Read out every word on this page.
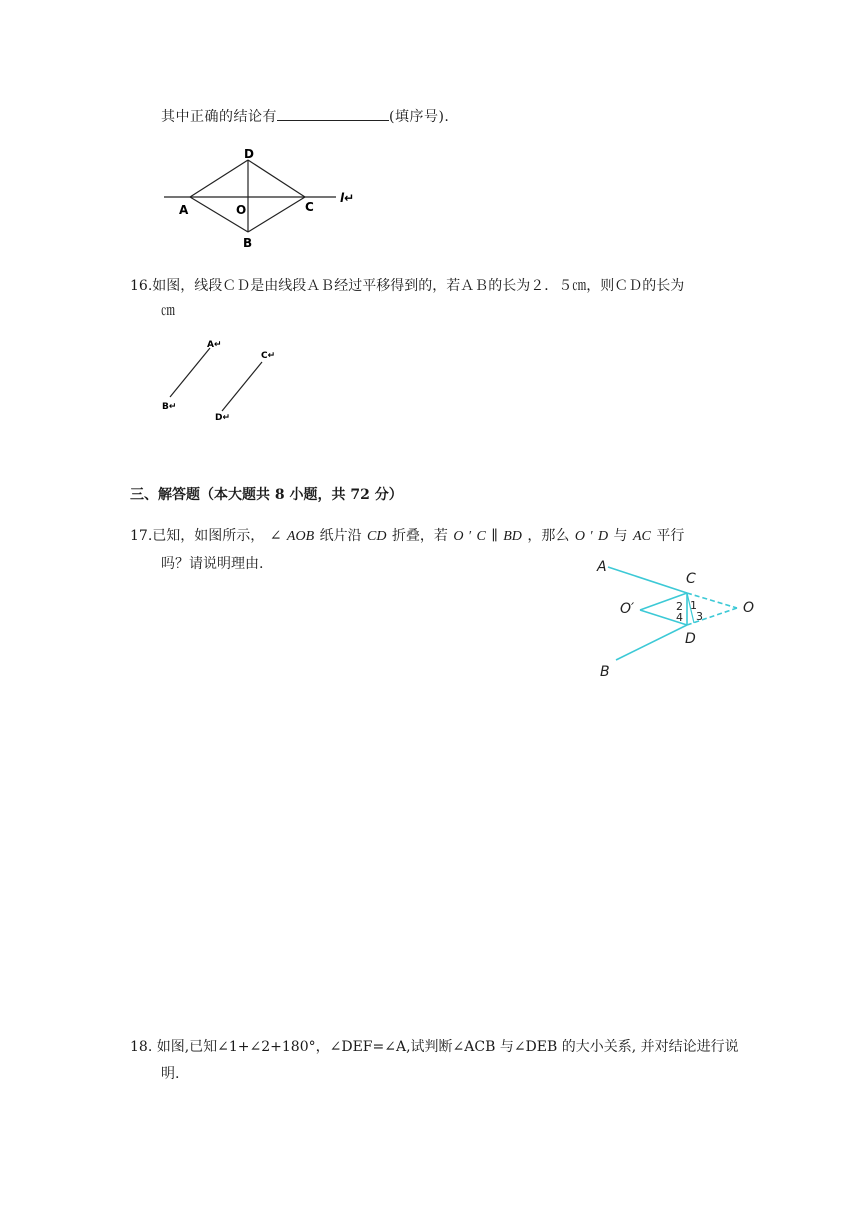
其中正确的结论有	(填序号).
D
A	O	C
B
l↵
16.如图，线段ＣＤ是由线段ＡＢ经过平移得到的，若ＡＢ的长为２．５㎝，则ＣＤ的长为
㎝
A↵
B↵
C↵
D↵
三、解答题（本大题共 8 小题，共 72 分）
17.已知，如图所示， ∠ AOB 纸片沿 CD 折叠，若 O ′ C ∥ BD ，那么 O ′ D 与 AC 平行
吗？请说明理由.	A
C
O′	O
D
B
1
2
3
4
18. 如图,已知∠1+∠2+180°，∠DEF=∠A,试判断∠ACB 与∠DEB 的大小关系, 并对结论进行说
明.
